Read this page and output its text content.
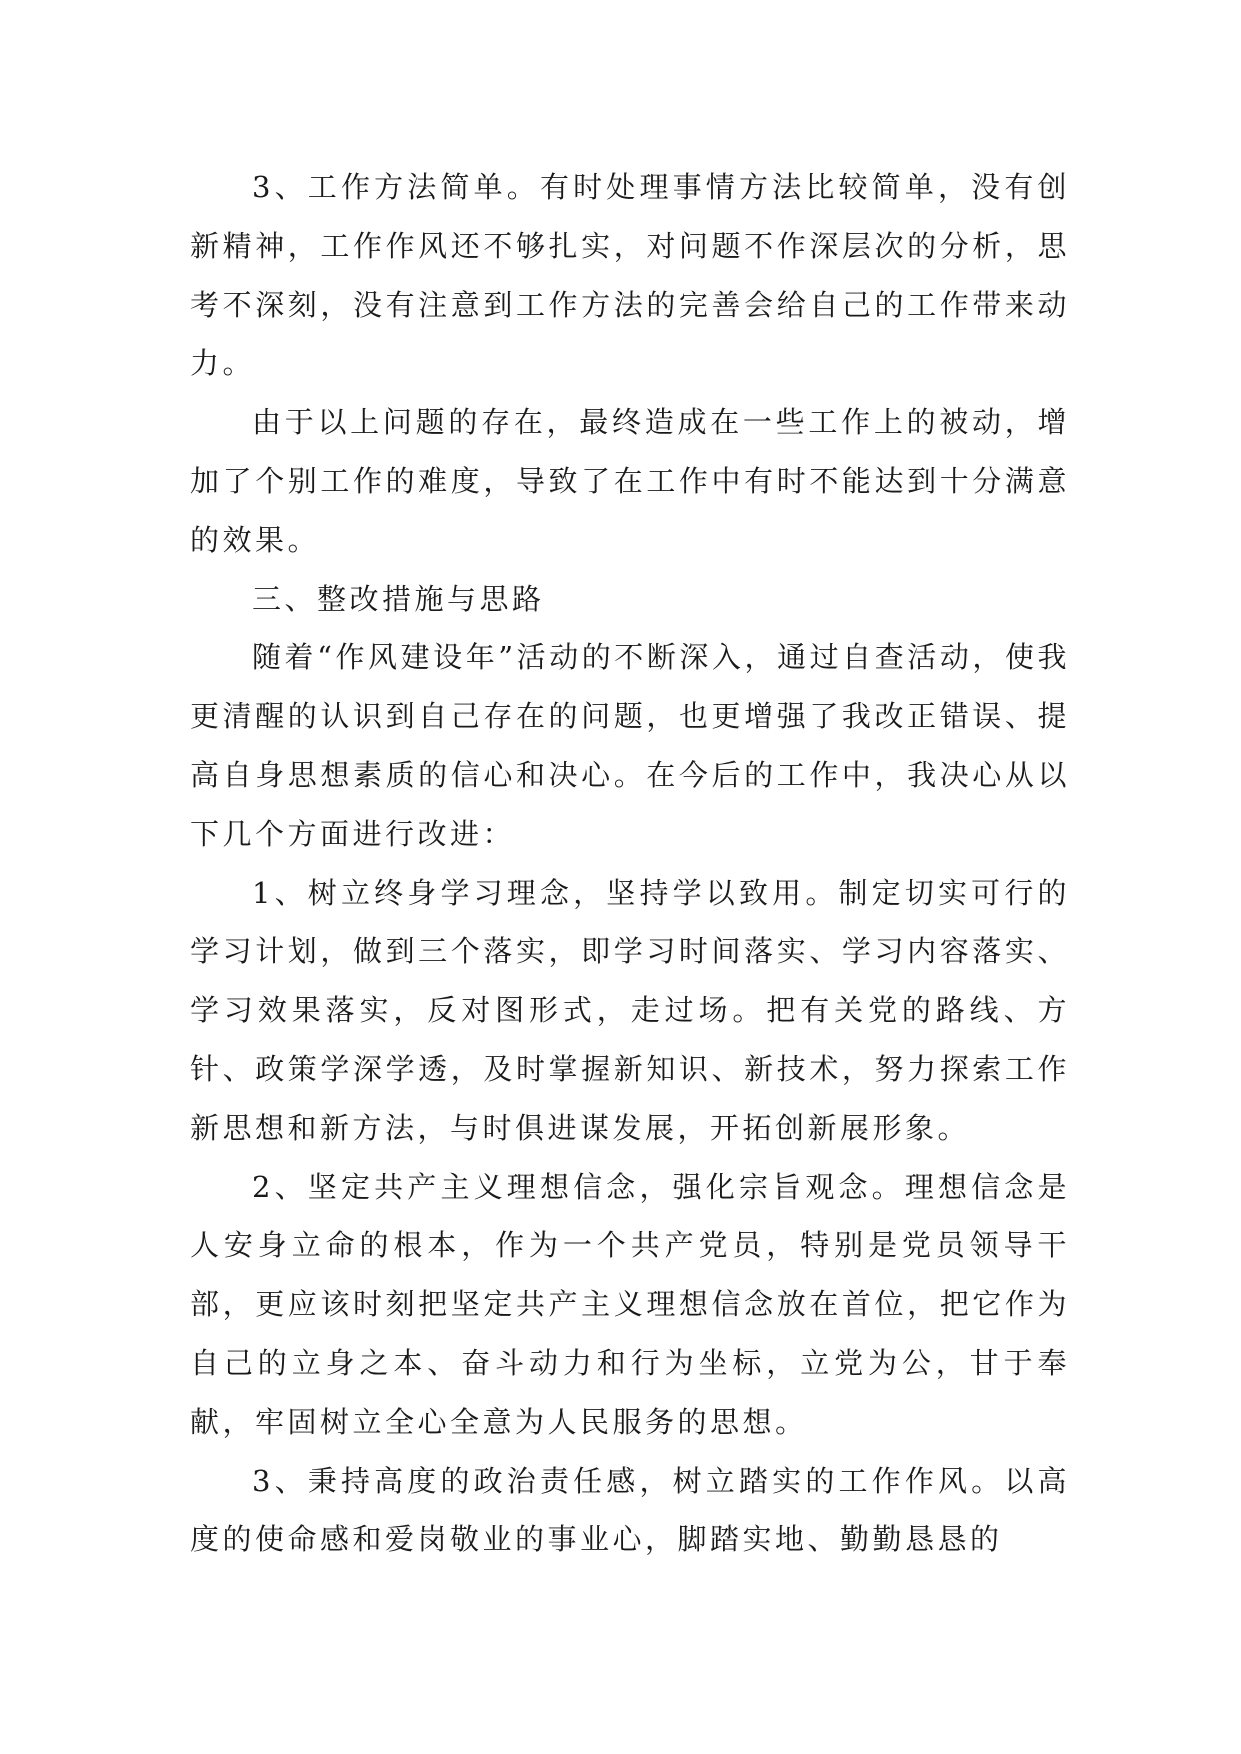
3、工作方法简单。有时处理事情方法比较简单，没有创新精神，工作作风还不够扎实，对问题不作深层次的分析，思考不深刻，没有注意到工作方法的完善会给自己的工作带来动力。

由于以上问题的存在，最终造成在一些工作上的被动，增加了个别工作的难度，导致了在工作中有时不能达到十分满意的效果。

三、整改措施与思路

随着“作风建设年”活动的不断深入，通过自查活动，使我更清醒的认识到自己存在的问题，也更增强了我改正错误、提高自身思想素质的信心和决心。在今后的工作中，我决心从以下几个方面进行改进：

1、树立终身学习理念，坚持学以致用。制定切实可行的学习计划，做到三个落实，即学习时间落实、学习内容落实、学习效果落实，反对图形式，走过场。把有关党的路线、方针、政策学深学透，及时掌握新知识、新技术，努力探索工作新思想和新方法，与时俱进谋发展，开拓创新展形象。

2、坚定共产主义理想信念，强化宗旨观念。理想信念是人安身立命的根本，作为一个共产党员，特别是党员领导干部，更应该时刻把坚定共产主义理想信念放在首位，把它作为自己的立身之本、奋斗动力和行为坐标，立党为公，甘于奉献，牢固树立全心全意为人民服务的思想。

3、秉持高度的政治责任感，树立踏实的工作作风。以高度的使命感和爱岗敬业的事业心，脚踏实地、勤勤恳恳的
